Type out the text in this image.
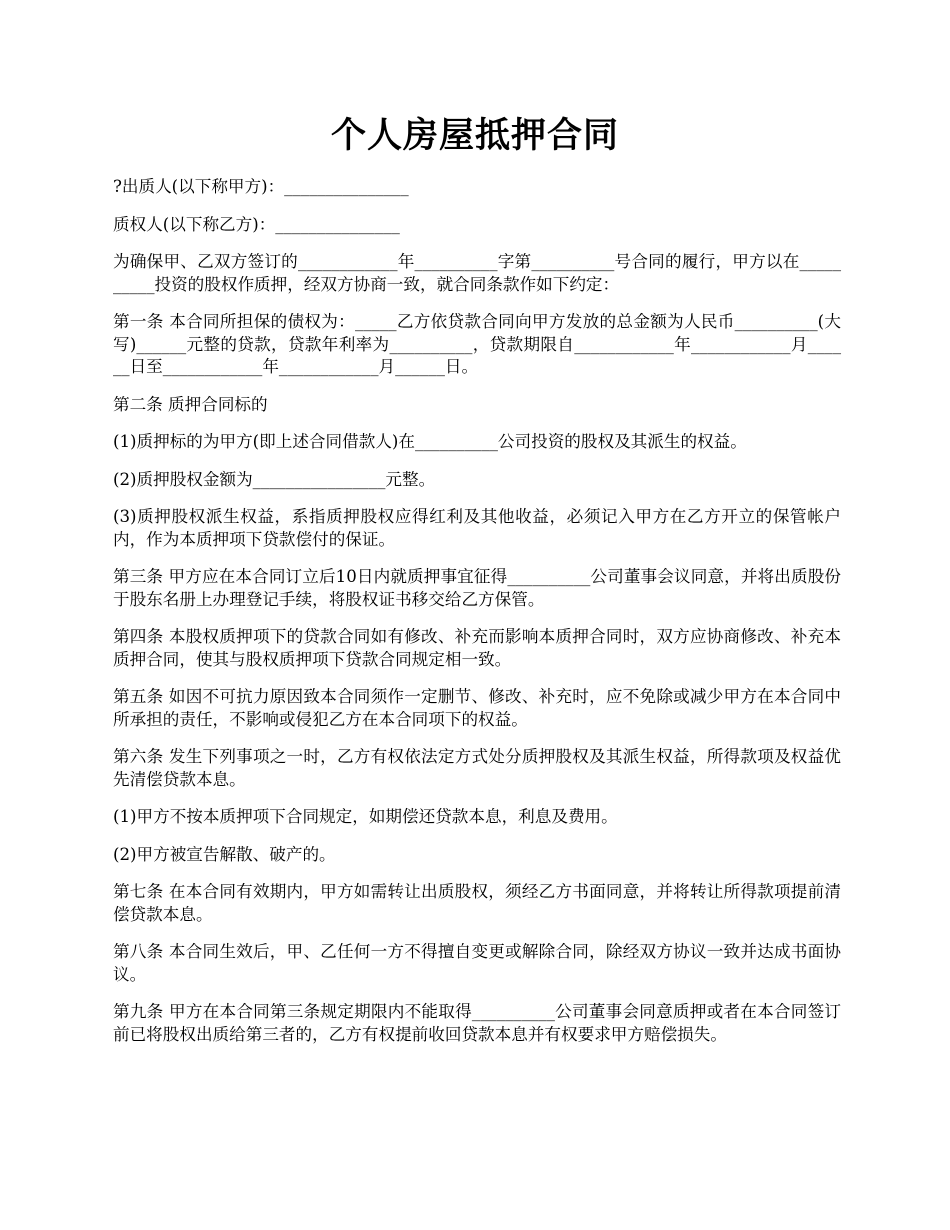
个人房屋抵押合同

?出质人(以下称甲方)：_______________

质权人(以下称乙方)：_______________

为确保甲、乙双方签订的____________年__________字第__________号合同的履行，甲方以在__________投资的股权作质押，经双方协商一致，就合同条款作如下约定：

第一条 本合同所担保的债权为：_____乙方依贷款合同向甲方发放的总金额为人民币__________(大写)______元整的贷款，贷款年利率为__________，贷款期限自____________年____________月______日至____________年____________月______日。

第二条 质押合同标的

(1)质押标的为甲方(即上述合同借款人)在__________公司投资的股权及其派生的权益。

(2)质押股权金额为________________元整。

(3)质押股权派生权益，系指质押股权应得红利及其他收益，必须记入甲方在乙方开立的保管帐户内，作为本质押项下贷款偿付的保证。

第三条 甲方应在本合同订立后10日内就质押事宜征得__________公司董事会议同意，并将出质股份于股东名册上办理登记手续，将股权证书移交给乙方保管。

第四条 本股权质押项下的贷款合同如有修改、补充而影响本质押合同时，双方应协商修改、补充本质押合同，使其与股权质押项下贷款合同规定相一致。

第五条 如因不可抗力原因致本合同须作一定删节、修改、补充时，应不免除或减少甲方在本合同中所承担的责任，不影响或侵犯乙方在本合同项下的权益。

第六条 发生下列事项之一时，乙方有权依法定方式处分质押股权及其派生权益，所得款项及权益优先清偿贷款本息。

(1)甲方不按本质押项下合同规定，如期偿还贷款本息，利息及费用。

(2)甲方被宣告解散、破产的。

第七条 在本合同有效期内，甲方如需转让出质股权，须经乙方书面同意，并将转让所得款项提前清偿贷款本息。

第八条 本合同生效后，甲、乙任何一方不得擅自变更或解除合同，除经双方协议一致并达成书面协议。

第九条 甲方在本合同第三条规定期限内不能取得__________公司董事会同意质押或者在本合同签订前已将股权出质给第三者的，乙方有权提前收回贷款本息并有权要求甲方赔偿损失。
